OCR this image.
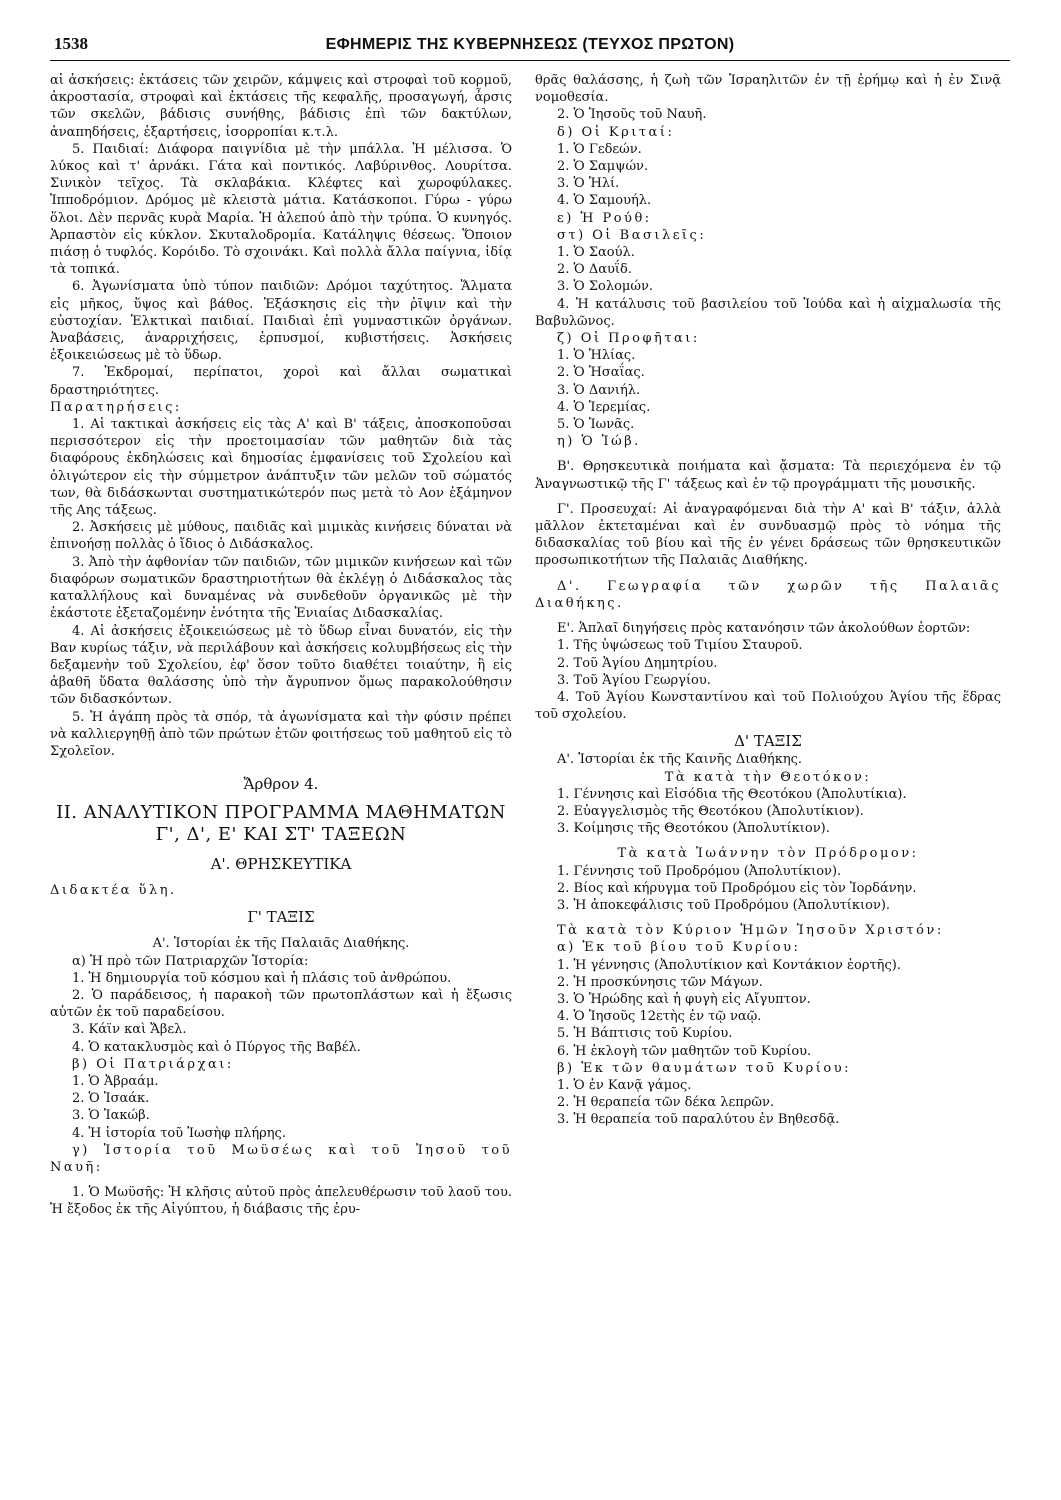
1538	ΕΦΗΜΕΡΙΣ ΤΗΣ ΚΥΒΕΡΝΗΣΕΩΣ (ΤΕΥΧΟΣ ΠΡΩΤΟΝ)

αἱ ἀσκήσεις: ἐκτάσεις τῶν χειρῶν, κάμψεις καὶ στροφαὶ τοῦ κορμοῦ, ἀκροστασία, στροφαὶ καὶ ἐκτάσεις τῆς κεφαλῆς, προσαγωγή, ἆρσις τῶν σκελῶν, βάδισις συνήθης, βάδισις ἐπὶ τῶν δακτύλων, ἀναπηδήσεις, ἐξαρτήσεις, ἰσορροπίαι κ.τ.λ.

5. Παιδιαί: Διάφορα παιγνίδια μὲ τὴν μπάλλα. Ἡ μέλισσα. Ὁ λύκος καὶ τ' ἀρνάκι. Γάτα καὶ ποντικός. Λαβύρινθος. Λουρίτσα. Σινικὸν τεῖχος. Τὰ σκλαβάκια. Κλέφτες καὶ χωροφύλακες. Ἱπποδρόμιον. Δρόμος μὲ κλειστὰ μάτια. Κατάσκοποι. Γύρω - γύρω ὅλοι. Δὲν περνᾶς κυρὰ Μαρία. Ἡ ἀλεπού ἀπὸ τὴν τρύπα. Ὁ κυνηγός. Ἁρπαστὸν εἰς κύκλον. Σκυταλοδρομία. Κατάληψις θέσεως. Ὅποιον πιάσῃ ὁ τυφλός. Κορόιδο. Τὸ σχοινάκι. Καὶ πολλὰ ἄλλα παίγνια, ἰδίᾳ τὰ τοπικά.

6. Ἀγωνίσματα ὑπὸ τύπον παιδιῶν: Δρόμοι ταχύτητος. Ἅλματα εἰς μῆκος, ὕψος καὶ βάθος. Ἐξάσκησις εἰς τὴν ῥῖψιν καὶ τὴν εὐστοχίαν. Ἑλκτικαὶ παιδιαί. Παιδιαὶ ἐπὶ γυμναστικῶν ὀργάνων. Ἀναβάσεις, ἀναρριχήσεις, ἑρπυσμοί, κυβιστήσεις. Ἀσκήσεις ἐξοικειώσεως μὲ τὸ ὕδωρ.

7. Ἐκδρομαί, περίπατοι, χοροὶ καὶ ἄλλαι σωματικαὶ δραστηριότητες.

Παρατηρήσεις:

1. Αἱ τακτικαὶ ἀσκήσεις εἰς τὰς Α' καὶ Β' τάξεις, ἀποσκοποῦσαι περισσότερον εἰς τὴν προετοιμασίαν τῶν μαθητῶν διὰ τὰς διαφόρους ἐκδηλώσεις καὶ δημοσίας ἐμφανίσεις τοῦ Σχολείου καὶ ὀλιγώτερον εἰς τὴν σύμμετρον ἀνάπτυξιν τῶν μελῶν τοῦ σώματός των, θὰ διδάσκωνται συστηματικώτερόν πως μετὰ τὸ Αον ἑξάμηνον τῆς Αης τάξεως.

2. Ἀσκήσεις μὲ μύθους, παιδιᾶς καὶ μιμικὰς κινήσεις δύναται νὰ ἐπινοήσῃ πολλὰς ὁ ἴδιος ὁ Διδάσκαλος.

3. Ἀπὸ τὴν ἀφθονίαν τῶν παιδιῶν, τῶν μιμικῶν κινήσεων καὶ τῶν διαφόρων σωματικῶν δραστηριοτήτων θὰ ἐκλέγῃ ὁ Διδάσκαλος τὰς καταλλήλους καὶ δυναμένας νὰ συνδεθοῦν ὀργανικῶς μὲ τὴν ἑκάστοτε ἐξεταζομένην ἑνότητα τῆς Ἑνιαίας Διδασκαλίας.

4. Αἱ ἀσκήσεις ἐξοικειώσεως μὲ τὸ ὕδωρ εἶναι δυνατόν, εἰς τὴν Βαν κυρίως τάξιν, νὰ περιλάβουν καὶ ἀσκήσεις κολυμβήσεως εἰς τὴν δεξαμενὴν τοῦ Σχολείου, ἐφ' ὅσον τοῦτο διαθέτει τοιαύτην, ἢ εἰς ἀβαθῆ ὕδατα θαλάσσης ὑπὸ τὴν ἄγρυπνον ὅμως παρακολούθησιν τῶν διδασκόντων.

5. Ἡ ἀγάπη πρὸς τὰ σπόρ, τὰ ἀγωνίσματα καὶ τὴν φύσιν πρέπει νὰ καλλιεργηθῇ ἀπὸ τῶν πρώτων ἐτῶν φοιτήσεως τοῦ μαθητοῦ εἰς τὸ Σχολεῖον.

Ἄρθρον 4.

ΙΙ. ΑΝΑΛΥΤΙΚΟΝ ΠΡΟΓΡΑΜΜΑ ΜΑΘΗΜΑΤΩΝ

Γ', Δ', Ε' ΚΑΙ ΣΤ' ΤΑΞΕΩΝ

Α'. ΘΡΗΣΚΕΥΤΙΚΑ

Διδακτέα ὕλη.

Γ' ΤΑΞΙΣ

Α'. Ἱστορίαι ἐκ τῆς Παλαιᾶς Διαθήκης.

α) Ἡ πρὸ τῶν Πατριαρχῶν Ἱστορία:

1. Ἡ δημιουργία τοῦ κόσμου καὶ ἡ πλάσις τοῦ ἀνθρώπου.

2. Ὁ παράδεισος, ἡ παρακοὴ τῶν πρωτοπλάστων καὶ ἡ ἔξωσις αὐτῶν ἐκ τοῦ παραδείσου.

3. Κάϊν καὶ Ἄβελ.

4. Ὁ κατακλυσμὸς καὶ ὁ Πύργος τῆς Βαβέλ.

β) Οἱ Πατριάρχαι:

1. Ὁ Ἀβραάμ.

2. Ὁ Ἰσαάκ.

3. Ὁ Ἰακώβ.

4. Ἡ ἱστορία τοῦ Ἰωσὴφ πλήρης.

γ) Ἱστορία τοῦ Μωϋσέως καὶ τοῦ Ἰησοῦ τοῦ Ναυῆ:

1. Ὁ Μωϋσῆς: Ἡ κλῆσις αὐτοῦ πρὸς ἀπελευθέρωσιν τοῦ λαοῦ του. Ἡ ἔξοδος ἐκ τῆς Αἰγύπτου, ἡ διάβασις τῆς ἐρυ-

θρᾶς θαλάσσης, ἡ ζωὴ τῶν Ἰσραηλιτῶν ἐν τῇ ἐρήμῳ καὶ ἡ ἐν Σινᾷ νομοθεσία.

2. Ὁ Ἰησοῦς τοῦ Ναυῆ.

δ) Οἱ Κριταί:

1. Ὁ Γεδεών.

2. Ὁ Σαμψών.

3. Ὁ Ἠλί.

4. Ὁ Σαμουήλ.

ε) Ἡ Ρούθ:

στ) Οἱ Βασιλεῖς:

1. Ὁ Σαούλ.

2. Ὁ Δαυΐδ.

3. Ὁ Σολομών.

4. Ἡ κατάλυσις τοῦ βασιλείου τοῦ Ἰούδα καὶ ἡ αἰχμαλωσία τῆς Βαβυλῶνος.

ζ) Οἱ Προφῆται:

1. Ὁ Ἠλίας.

2. Ὁ Ἠσαΐας.

3. Ὁ Δανιήλ.

4. Ὁ Ἱερεμίας.

5. Ὁ Ἰωνᾶς.

η) Ὁ Ἰώβ.

Β'. Θρησκευτικὰ ποιήματα καὶ ᾄσματα: Τὰ περιεχόμενα ἐν τῷ Ἀναγνωστικῷ τῆς Γ' τάξεως καὶ ἐν τῷ προγράμματι τῆς μουσικῆς.

Γ'. Προσευχαί: Αἱ ἀναγραφόμεναι διὰ τὴν Α' καὶ Β' τάξιν, ἀλλὰ μᾶλλον ἐκτεταμέναι καὶ ἐν συνδυασμῷ πρὸς τὸ νόημα τῆς διδασκαλίας τοῦ βίου καὶ τῆς ἐν γένει δράσεως τῶν θρησκευτικῶν προσωπικοτήτων τῆς Παλαιᾶς Διαθήκης.

Δ'. Γεωγραφία τῶν χωρῶν τῆς Παλαιᾶς Διαθήκης.

Ε'. Ἁπλαῖ διηγήσεις πρὸς κατανόησιν τῶν ἀκολούθων ἑορτῶν:

1. Τῆς ὑψώσεως τοῦ Τιμίου Σταυροῦ.

2. Τοῦ Ἁγίου Δημητρίου.

3. Τοῦ Ἁγίου Γεωργίου.

4. Τοῦ Ἁγίου Κωνσταντίνου καὶ τοῦ Πολιούχου Ἁγίου τῆς ἕδρας τοῦ σχολείου.

Δ' ΤΑΞΙΣ

Α'. Ἱστορίαι ἐκ τῆς Καινῆς Διαθήκης.

Τὰ κατὰ τὴν Θεοτόκον:

1. Γέννησις καὶ Εἰσόδια τῆς Θεοτόκου (Ἀπολυτίκια).

2. Εὐαγγελισμὸς τῆς Θεοτόκου (Ἀπολυτίκιον).

3. Κοίμησις τῆς Θεοτόκου (Ἀπολυτίκιον).

Τὰ κατὰ Ἰωάννην τὸν Πρόδρομον:

1. Γέννησις τοῦ Προδρόμου (Ἀπολυτίκιον).

2. Βίος καὶ κήρυγμα τοῦ Προδρόμου εἰς τὸν Ἰορδάνην.

3. Ἡ ἀποκεφάλισις τοῦ Προδρόμου (Ἀπολυτίκιον).

Τὰ κατὰ τὸν Κύριον Ἡμῶν Ἰησοῦν Χριστόν:

α) Ἐκ τοῦ βίου τοῦ Κυρίου:

1. Ἡ γέννησις (Ἀπολυτίκιον καὶ Κοντάκιον ἑορτῆς).

2. Ἡ προσκύνησις τῶν Μάγων.

3. Ὁ Ἡρώδης καὶ ἡ φυγὴ εἰς Αἴγυπτον.

4. Ὁ Ἰησοῦς 12ετὴς ἐν τῷ ναῷ.

5. Ἡ Βάπτισις τοῦ Κυρίου.

6. Ἡ ἐκλογὴ τῶν μαθητῶν τοῦ Κυρίου.

β) Ἐκ τῶν θαυμάτων τοῦ Κυρίου:

1. Ὁ ἐν Κανᾷ γάμος.

2. Ἡ θεραπεία τῶν δέκα λεπρῶν.

3. Ἡ θεραπεία τοῦ παραλύτου ἐν Βηθεσδᾷ.
